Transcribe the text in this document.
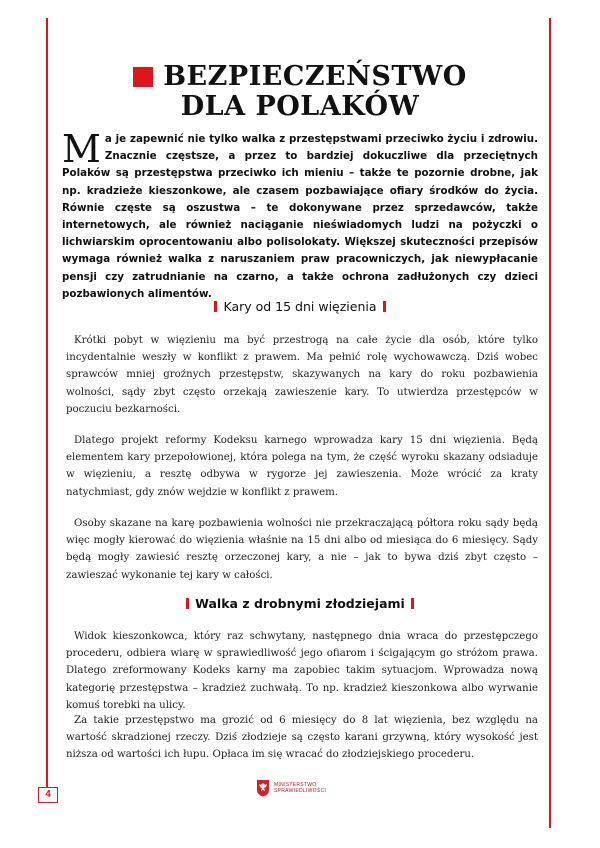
BEZPIECZEŃSTWO
DLA POLAKÓW
Ma je zapewnić nie tylko walka z przestępstwami przeciwko życiu i zdrowiu. Znacznie częstsze, a przez to bardziej dokuczliwe dla przeciętnych Polaków są przestępstwa przeciwko ich mieniu – także te pozornie drobne, jak np. kradzieże kieszonkowe, ale czasem pozbawiające ofiary środków do życia. Równie częste są oszustwa – te dokonywane przez sprzedawców, także internetowych, ale również naciąganie nieświadomych ludzi na pożyczki o lichwiarskim oprocentowaniu albo polisolokaty. Większej skuteczności przepisów wymaga również walka z naruszaniem praw pracowniczych, jak niewypłacanie pensji czy zatrudnianie na czarno, a także ochrona zadłużonych czy dzieci pozbawionych alimentów.
Kary od 15 dni więzienia
Krótki pobyt w więzieniu ma być przestrogą na całe życie dla osób, które tylko incydentalnie weszły w konflikt z prawem. Ma pełnić rolę wychowawczą. Dziś wobec sprawców mniej groźnych przestępstw, skazywanych na kary do roku pozbawienia wolności, sądy zbyt często orzekają zawieszenie kary. To utwierdza przestępców w poczuciu bezkarności.
Dlatego projekt reformy Kodeksu karnego wprowadza kary 15 dni więzienia. Będą elementem kary przepołowionej, która polega na tym, że część wyroku skazany odsiaduje w więzieniu, a resztę odbywa w rygorze jej zawieszenia. Może wrócić za kraty natychmiast, gdy znów wejdzie w konflikt z prawem.
Osoby skazane na karę pozbawienia wolności nie przekraczającą półtora roku sądy będą więc mogły kierować do więzienia właśnie na 15 dni albo od miesiąca do 6 miesięcy. Sądy będą mogły zawiesić resztę orzeczonej kary, a nie – jak to bywa dziś zbyt często – zawieszać wykonanie tej kary w całości.
Walka z drobnymi złodziejami
Widok kieszonkowca, który raz schwytany, następnego dnia wraca do przestępczego procederu, odbiera wiarę w sprawiedliwość jego ofiarom i ścigającym go stróżom prawa. Dlatego zreformowany Kodeks karny ma zapobiec takim sytuacjom. Wprowadza nową kategorię przestępstwa – kradzież zuchwałą. To np. kradzież kieszonkowa albo wyrwanie komuś torebki na ulicy.
Za takie przestępstwo ma grozić od 6 miesięcy do 8 lat więzienia, bez względu na wartość skradzionej rzeczy. Dziś złodzieje są często karani grzywną, który wysokość jest niższa od wartości ich łupu. Opłaca im się wracać do złodziejskiego procederu.
MINISTERSTWO
SPRAWIEDLIWOŚCI
4
